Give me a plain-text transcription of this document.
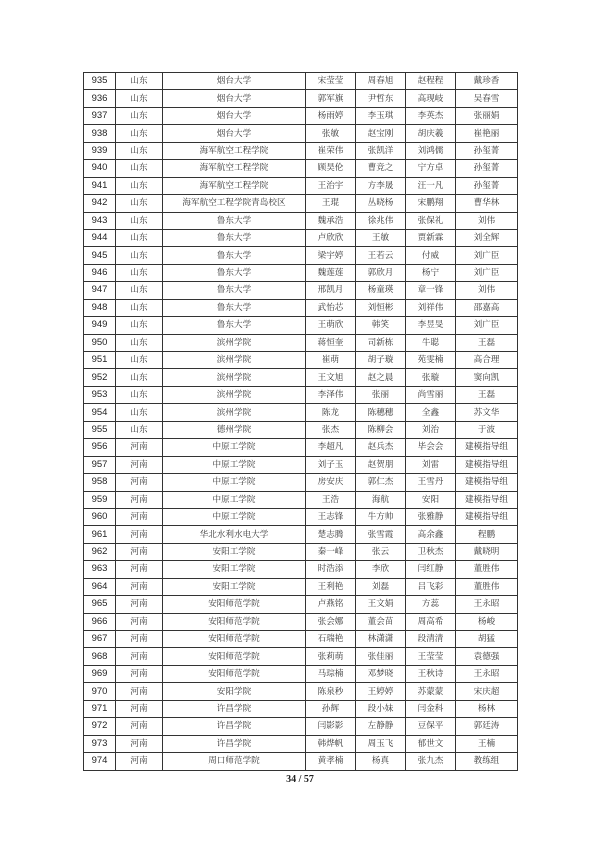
935	山东	烟台大学	宋莹莹	周春旭	赵程程	戴珍香
936	山东	烟台大学	郭军旗	尹哲东	高现岐	吴春雪
937	山东	烟台大学	杨雨婷	李玉琪	李英杰	张丽娟
938	山东	烟台大学	张敏	赵宝刚	胡庆羲	崔艳丽
939	山东	海军航空工程学院	崔荣伟	张凯洋	刘鸿儒	孙玺菁
940	山东	海军航空工程学院	顾昊伦	曹竞之	宁方卓	孙玺菁
941	山东	海军航空工程学院	王治宇	方李晟	汪一凡	孙玺菁
942	山东	海军航空工程学院青岛校区	王琨	丛晓杨	宋鹏翔	曹华林
943	山东	鲁东大学	魏承浩	徐兆伟	张保礼	刘伟
944	山东	鲁东大学	卢欣欣	王敏	贾新霖	刘全辉
945	山东	鲁东大学	梁宇婷	王若云	付威	刘广臣
946	山东	鲁东大学	魏莲莲	郭欣月	杨宁	刘广臣
947	山东	鲁东大学	邢凯月	杨童瑛	章一锋	刘伟
948	山东	鲁东大学	武怡芯	刘恒彬	刘祥伟	邵嘉高
949	山东	鲁东大学	王萌欣	韩笑	李昱旻	刘广臣
950	山东	滨州学院	蒋恒奎	司新栋	牛聪	王磊
951	山东	滨州学院	崔萌	胡子璇	苑雯楠	高合理
952	山东	滨州学院	王文旭	赵之晨	张璇	窦向凯
953	山东	滨州学院	李泽伟	张丽	尚雪丽	王磊
954	山东	滨州学院	陈龙	陈穗穗	全鑫	苏文华
955	山东	德州学院	张杰	陈柳会	刘治	于波
956	河南	中原工学院	李超凡	赵兵杰	毕会会	建模指导组
957	河南	中原工学院	刘子玉	赵贺朋	刘雷	建模指导组
958	河南	中原工学院	房安庆	郭仁杰	王雪丹	建模指导组
959	河南	中原工学院	王浩	海航	安阳	建模指导组
960	河南	中原工学院	王志锋	牛方帅	张雅静	建模指导组
961	河南	华北水利水电大学	楚志腾	张雪霞	高余鑫	程鹏
962	河南	安阳工学院	秦一峰	张云	卫秋杰	戴晓明
963	河南	安阳工学院	时浩添	李欣	闫红静	董胜伟
964	河南	安阳工学院	王利艳	刘磊	吕飞彩	董胜伟
965	河南	安阳师范学院	卢燕铭	王文娟	方蕊	王永昭
966	河南	安阳师范学院	张会娜	董会苗	周高希	杨峻
967	河南	安阳师范学院	石瑞艳	林潇潇	段清清	胡猛
968	河南	安阳师范学院	张莉萌	张佳丽	王莹莹	袁德强
969	河南	安阳师范学院	马琮楠	邓梦晓	王秋诗	王永昭
970	河南	安阳学院	陈泉秒	王婷婷	苏蒙蒙	宋庆超
971	河南	许昌学院	孙辉	段小妹	闫金科	杨林
972	河南	许昌学院	闫影影	左静静	豆保平	郭廷涛
973	河南	许昌学院	韩烨帆	周玉飞	郁世文	王楠
974	河南	周口师范学院	黄孝楠	杨真	张九杰	教练组
34 / 57
